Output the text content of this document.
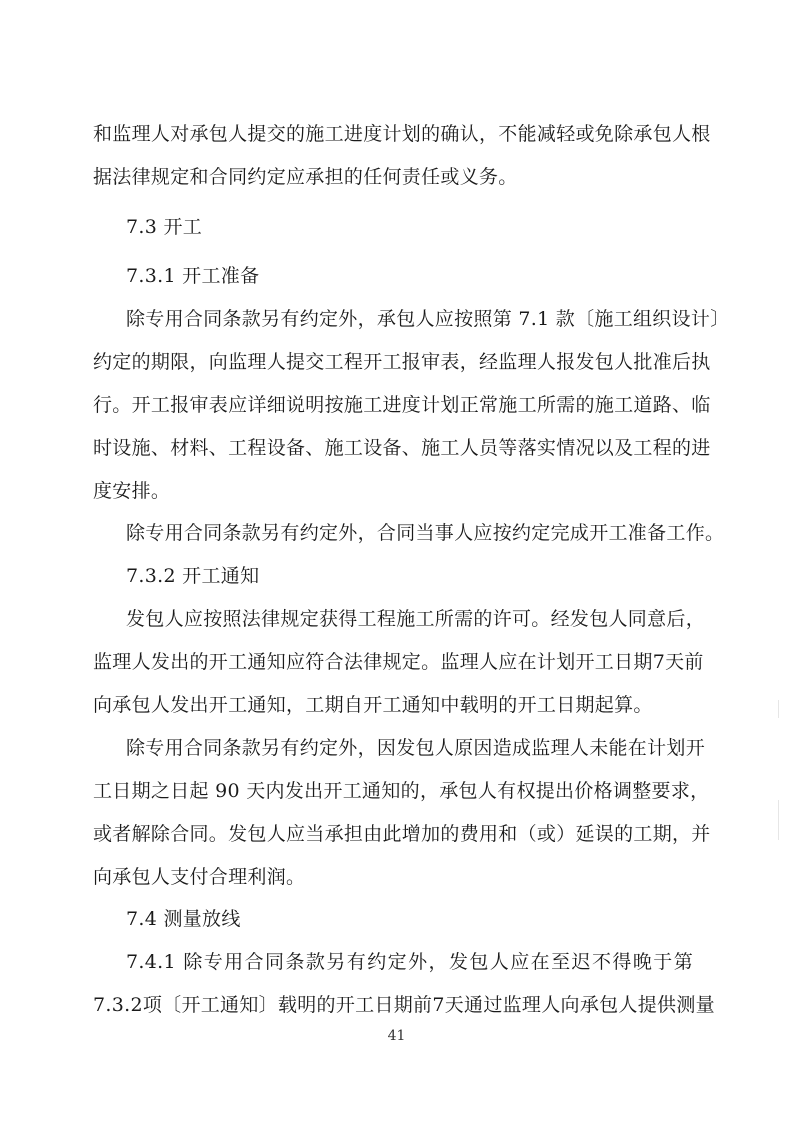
和监理人对承包人提交的施工进度计划的确认，不能减轻或免除承包人根
据法律规定和合同约定应承担的任何责任或义务。
7.3 开工
7.3.1 开工准备
除专用合同条款另有约定外，承包人应按照第 7.1 款〔施工组织设计〕
约定的期限，向监理人提交工程开工报审表，经监理人报发包人批准后执
行。开工报审表应详细说明按施工进度计划正常施工所需的施工道路、临
时设施、材料、工程设备、施工设备、施工人员等落实情况以及工程的进
度安排。
除专用合同条款另有约定外，合同当事人应按约定完成开工准备工作。
7.3.2 开工通知
发包人应按照法律规定获得工程施工所需的许可。经发包人同意后，
监理人发出的开工通知应符合法律规定。监理人应在计划开工日期7天前
向承包人发出开工通知，工期自开工通知中载明的开工日期起算。
除专用合同条款另有约定外，因发包人原因造成监理人未能在计划开
工日期之日起 90 天内发出开工通知的，承包人有权提出价格调整要求，
或者解除合同。发包人应当承担由此增加的费用和（或）延误的工期，并
向承包人支付合理利润。
7.4 测量放线
7.4.1 除专用合同条款另有约定外，发包人应在至迟不得晚于第
7.3.2项〔开工通知〕载明的开工日期前7天通过监理人向承包人提供测量
41
